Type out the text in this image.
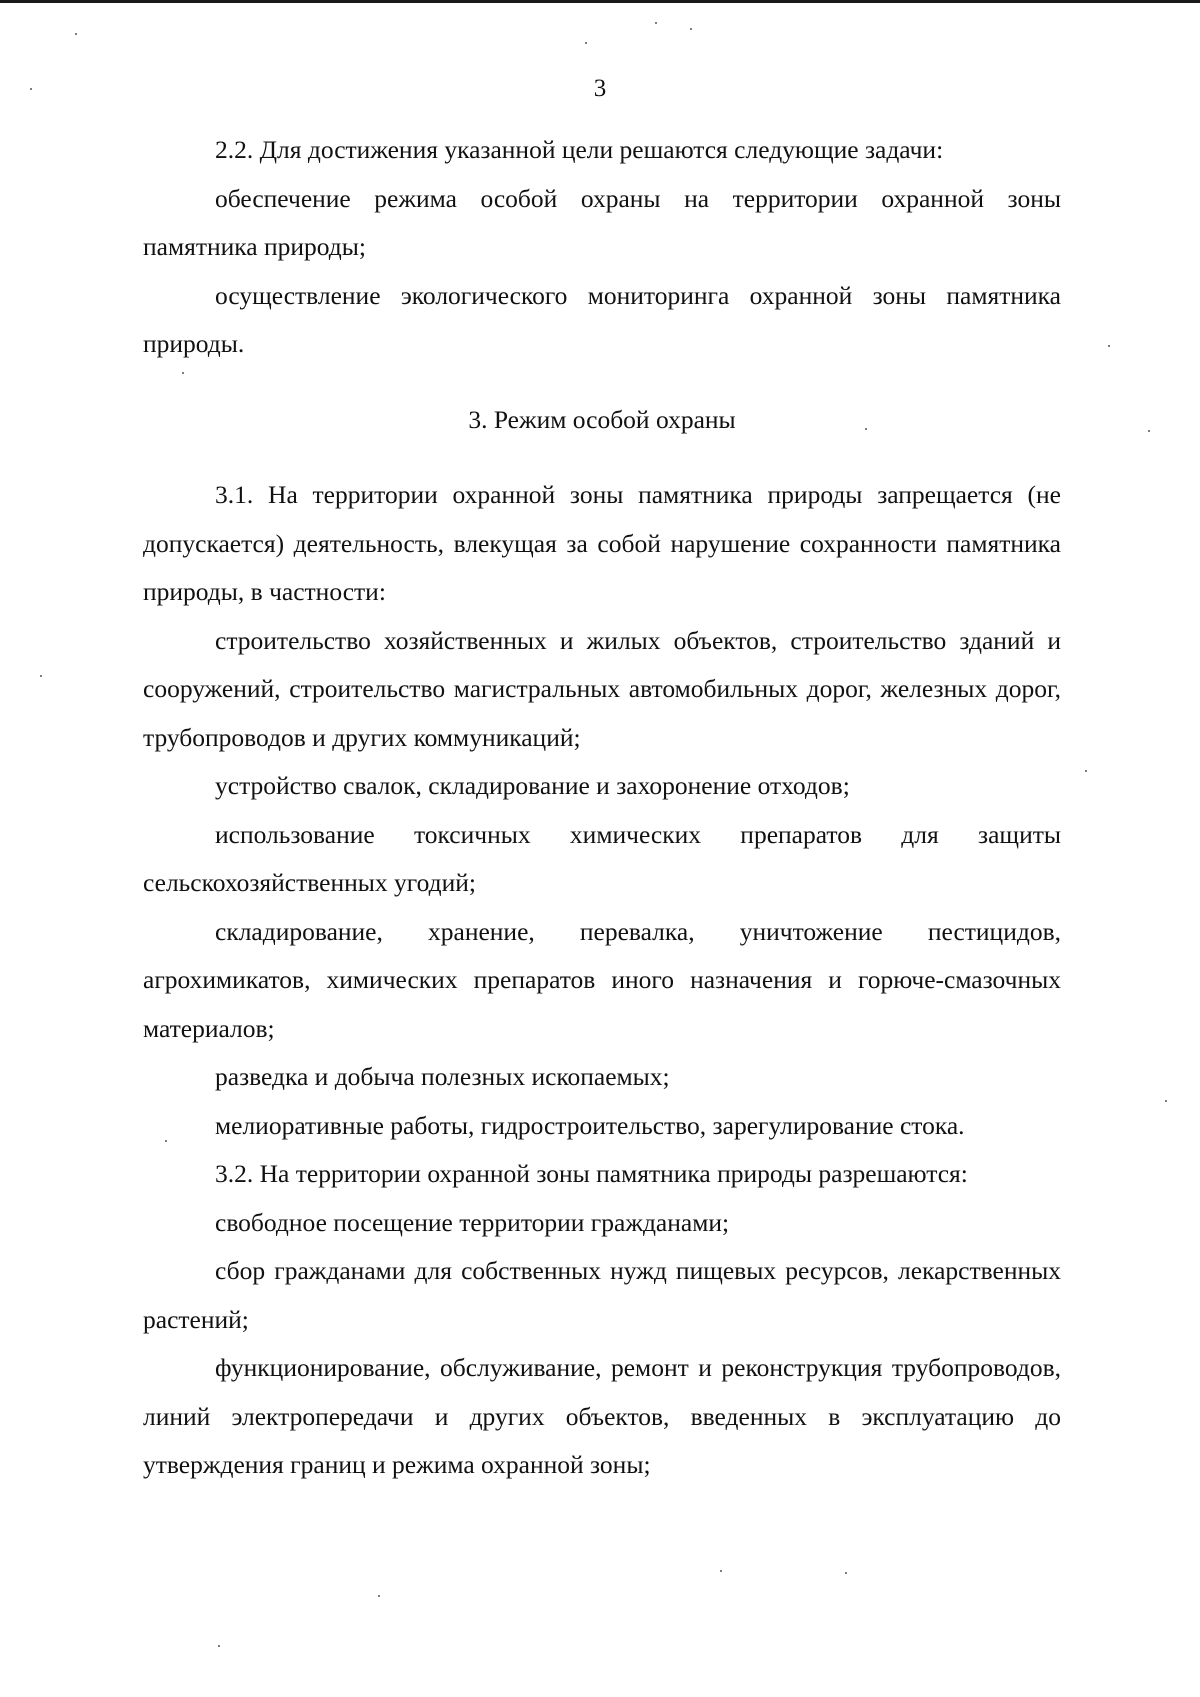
3

2.2. Для достижения указанной цели решаются следующие задачи:

обеспечение режима особой охраны на территории охранной зоны памятника природы;

осуществление экологического мониторинга охранной зоны памятника природы.

3. Режим особой охраны

3.1. На территории охранной зоны памятника природы запрещается (не допускается) деятельность, влекущая за собой нарушение сохранности памятника природы, в частности:

строительство хозяйственных и жилых объектов, строительство зданий и сооружений, строительство магистральных автомобильных дорог, железных дорог, трубопроводов и других коммуникаций;

устройство свалок, складирование и захоронение отходов;

использование токсичных химических препаратов для защиты сельскохозяйственных угодий;

складирование, хранение, перевалка, уничтожение пестицидов, агрохимикатов, химических препаратов иного назначения и горюче-смазочных материалов;

разведка и добыча полезных ископаемых;

мелиоративные работы, гидростроительство, зарегулирование стока.

3.2. На территории охранной зоны памятника природы разрешаются:

свободное посещение территории гражданами;

сбор гражданами для собственных нужд пищевых ресурсов, лекарственных растений;

функционирование, обслуживание, ремонт и реконструкция трубопроводов, линий электропередачи и других объектов, введенных в эксплуатацию до утверждения границ и режима охранной зоны;
